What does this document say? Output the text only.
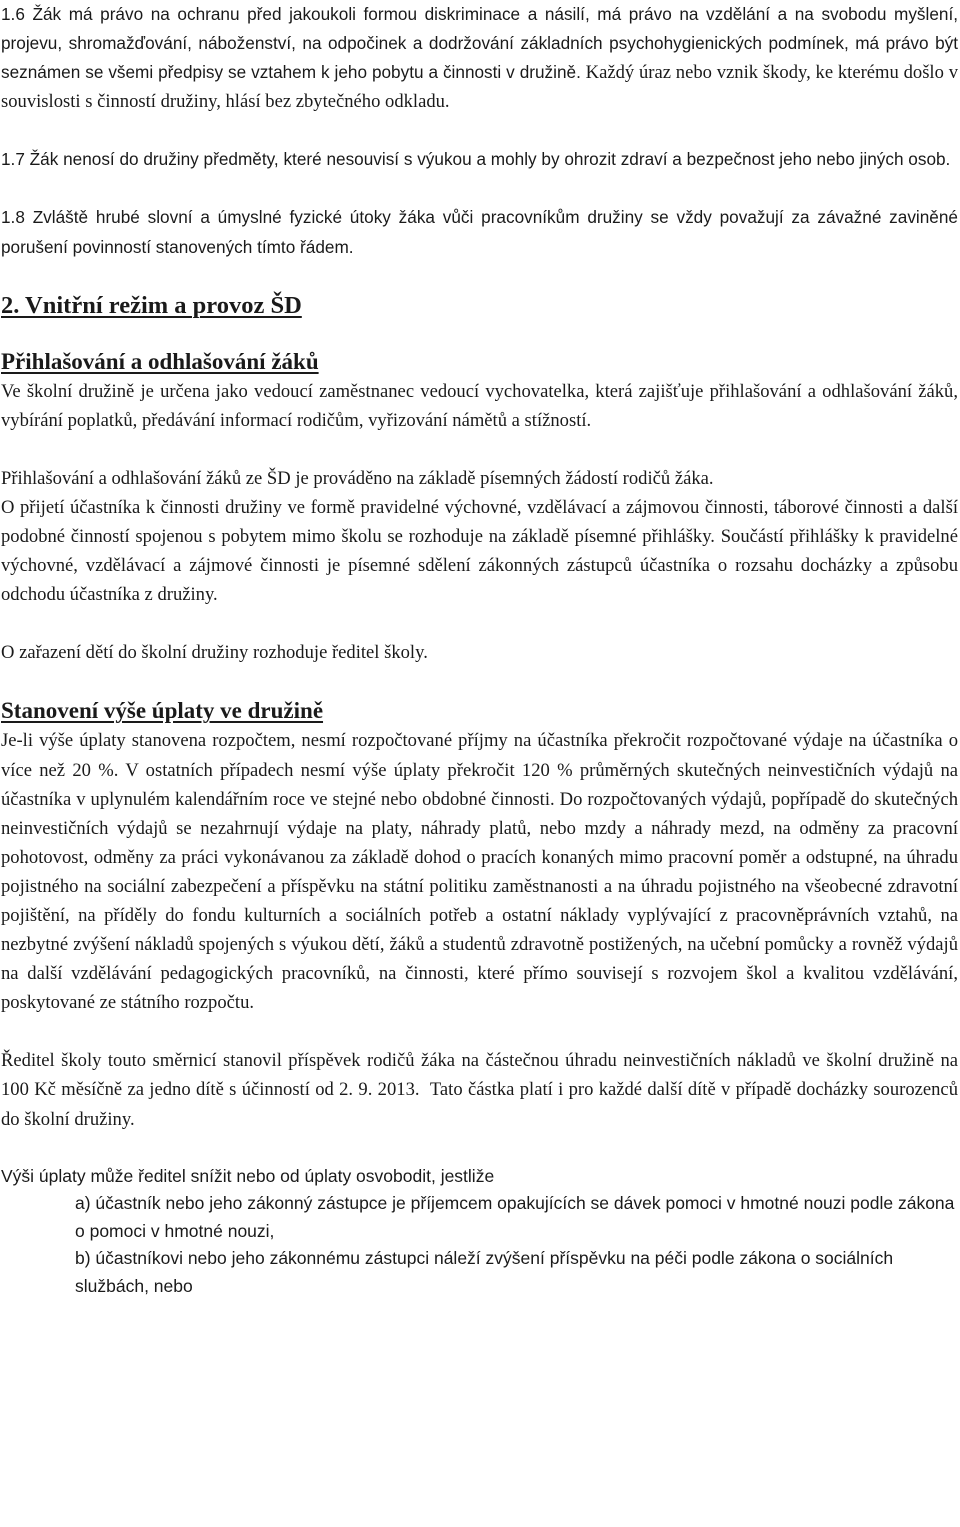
1.6 Žák má právo na ochranu před jakoukoli formou diskriminace a násilí, má právo na vzdělání a na svobodu myšlení, projevu, shromažďování, náboženství, na odpočinek a dodržování základních psychohygienických podmínek, má právo být seznámen se všemi předpisy se vztahem k jeho pobytu a činnosti v družině. Každý úraz nebo vznik škody, ke kterému došlo v souvislosti s činností družiny, hlásí bez zbytečného odkladu.

1.7 Žák nenosí do družiny předměty, které nesouvisí s výukou a mohly by ohrozit zdraví a bezpečnost jeho nebo jiných osob.

1.8 Zvláště hrubé slovní a úmyslné fyzické útoky žáka vůči pracovníkům družiny se vždy považují za závažné zaviněné porušení povinností stanovených tímto řádem.

2. Vnitřní režim a provoz ŠD
Přihlašování a odhlašování žáků

Ve školní družině je určena jako vedoucí zaměstnanec vedoucí vychovatelka, která zajišťuje přihlašování a odhlašování žáků, vybírání poplatků, předávání informací rodičům, vyřizování námětů a stížností.

Přihlašování a odhlašování žáků ze ŠD je prováděno na základě písemných žádostí rodičů žáka.

O přijetí účastníka k činnosti družiny ve formě pravidelné výchovné, vzdělávací a zájmovou činnosti, táborové činnosti a další podobné činností spojenou s pobytem mimo školu se rozhoduje na základě písemné přihlášky. Součástí přihlášky k pravidelné výchovné, vzdělávací a zájmové činnosti je písemné sdělení zákonných zástupců účastníka o rozsahu docházky a způsobu odchodu účastníka z družiny.

O zařazení dětí do školní družiny rozhoduje ředitel školy.

Stanovení výše úplaty ve družině

Je-li výše úplaty stanovena rozpočtem, nesmí rozpočtované příjmy na účastníka překročit rozpočtované výdaje na účastníka o více než 20 %. V ostatních případech nesmí výše úplaty překročit 120 % průměrných skutečných neinvestičních výdajů na účastníka v uplynulém kalendářním roce ve stejné nebo obdobné činnosti. Do rozpočtovaných výdajů, popřípadě do skutečných neinvestičních výdajů se nezahrnují výdaje na platy, náhrady platů, nebo mzdy a náhrady mezd, na odměny za pracovní pohotovost, odměny za práci vykonávanou za základě dohod o pracích konaných mimo pracovní poměr a odstupné, na úhradu pojistného na sociální zabezpečení a příspěvku na státní politiku zaměstnanosti a na úhradu pojistného na všeobecné zdravotní pojištění, na příděly do fondu kulturních a sociálních potřeb a ostatní náklady vyplývající z pracovněprávních vztahů, na nezbytné zvýšení nákladů spojených s výukou dětí, žáků a studentů zdravotně postižených, na učební pomůcky a rovněž výdajů na další vzdělávání pedagogických pracovníků, na činnosti, které přímo souvisejí s rozvojem škol a kvalitou vzdělávání, poskytované ze státního rozpočtu.

Ředitel školy touto směrnicí stanovil příspěvek rodičů žáka na částečnou úhradu neinvestičních nákladů ve školní družině na 100 Kč měsíčně za jedno dítě s účinností od 2. 9. 2013. Tato částka platí i pro každé další dítě v případě docházky sourozenců do školní družiny.

Výši úplaty může ředitel snížit nebo od úplaty osvobodit, jestliže

a) účastník nebo jeho zákonný zástupce je příjemcem opakujících se dávek pomoci v hmotné nouzi podle zákona o pomoci v hmotné nouzi,
b) účastníkovi nebo jeho zákonnému zástupci náleží zvýšení příspěvku na péči podle zákona o sociálních službách, nebo
